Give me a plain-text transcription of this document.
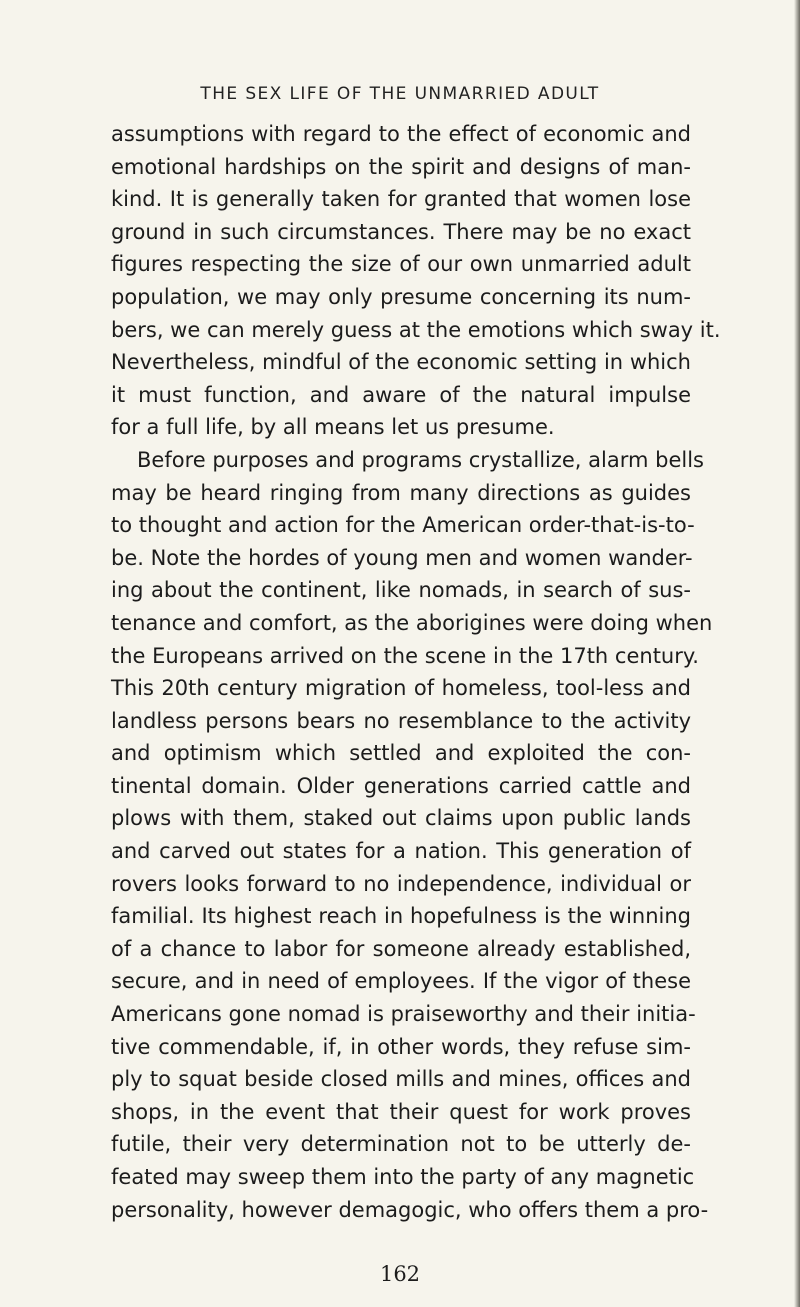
THE SEX LIFE OF THE UNMARRIED ADULT
assumptions with regard to the effect of economic and
emotional hardships on the spirit and designs of man-
kind. It is generally taken for granted that women lose
ground in such circumstances. There may be no exact
figures respecting the size of our own unmarried adult
population, we may only presume concerning its num-
bers, we can merely guess at the emotions which sway it.
Nevertheless, mindful of the economic setting in which
it must function, and aware of the natural impulse
for a full life, by all means let us presume.
Before purposes and programs crystallize, alarm bells
may be heard ringing from many directions as guides
to thought and action for the American order-that-is-to-
be. Note the hordes of young men and women wander-
ing about the continent, like nomads, in search of sus-
tenance and comfort, as the aborigines were doing when
the Europeans arrived on the scene in the 17th century.
This 20th century migration of homeless, tool-less and
landless persons bears no resemblance to the activity
and optimism which settled and exploited the con-
tinental domain. Older generations carried cattle and
plows with them, staked out claims upon public lands
and carved out states for a nation. This generation of
rovers looks forward to no independence, individual or
familial. Its highest reach in hopefulness is the winning
of a chance to labor for someone already established,
secure, and in need of employees. If the vigor of these
Americans gone nomad is praiseworthy and their initia-
tive commendable, if, in other words, they refuse sim-
ply to squat beside closed mills and mines, offices and
shops, in the event that their quest for work proves
futile, their very determination not to be utterly de-
feated may sweep them into the party of any magnetic
personality, however demagogic, who offers them a pro-
162
